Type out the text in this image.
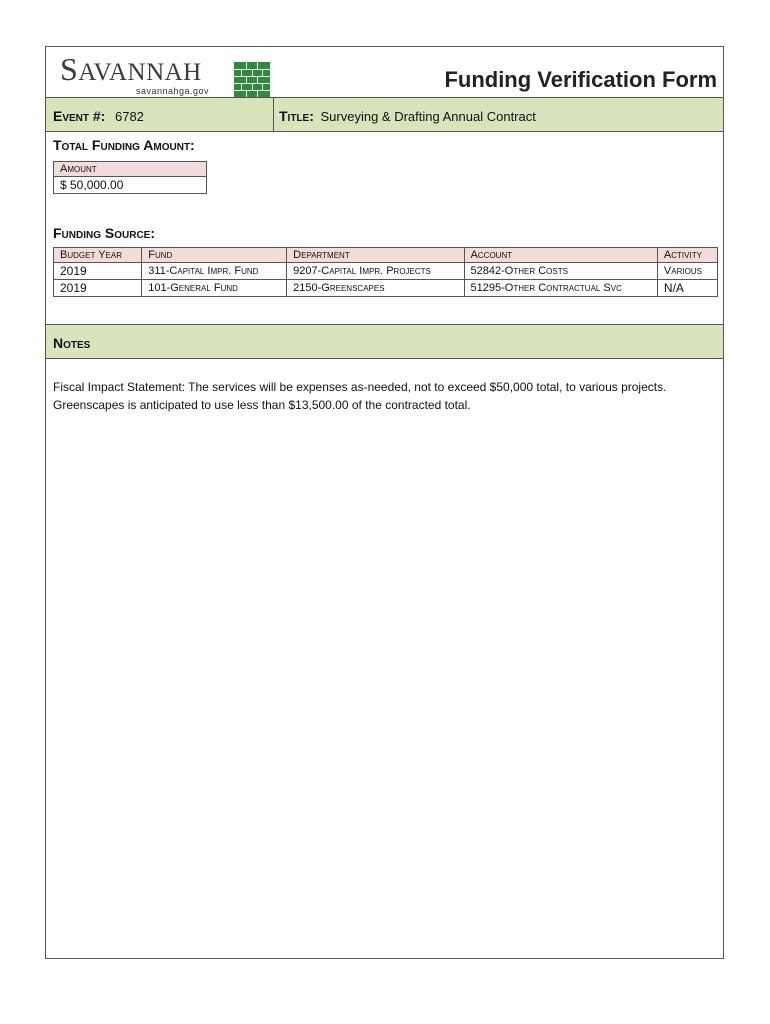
SAVANNAH
savannahga.gov	Funding Verification Form
Event #: 6782	Title: Surveying & Drafting Annual Contract
Total Funding Amount:
Amount
$ 50,000.00
Funding Source:
Budget Year	Fund	Department	Account	Activity
2019	311-Capital Impr. Fund	9207-Capital Impr. Projects	52842-Other Costs	Various
2019	101-General Fund	2150-Greenscapes	51295-Other Contractual Svc	N/A
Notes
Fiscal Impact Statement: The services will be expenses as-needed, not to exceed $50,000 total, to various projects.
Greenscapes is anticipated to use less than $13,500.00 of the contracted total.
